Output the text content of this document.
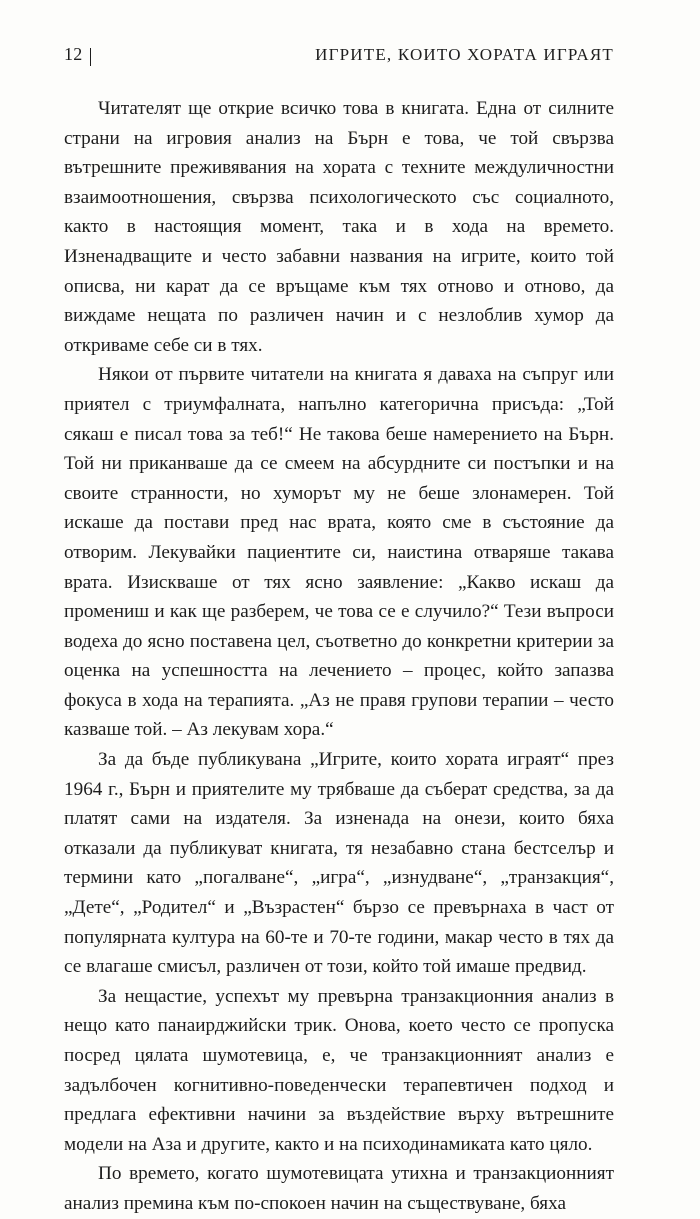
12	ИГРИТЕ, КОИТО ХОРАТА ИГРАЯТ

Читателят ще открие всичко това в книгата. Една от силните страни на игровия анализ на Бърн е това, че той свързва вътрешните преживявания на хората с техните междуличностни взаимоотношения, свързва психологическото със социалното, както в настоящия момент, така и в хода на времето. Изненадващите и често забавни названия на игрите, които той описва, ни карат да се връщаме към тях отново и отново, да виждаме нещата по различен начин и с незлоблив хумор да откриваме себе си в тях.

Някои от първите читатели на книгата я даваха на съпруг или приятел с триумфалната, напълно категорична присъда: „Той сякаш е писал това за теб!“ Не такова беше намерението на Бърн. Той ни приканваше да се смеем на абсурдните си постъпки и на своите странности, но хуморът му не беше злонамерен. Той искаше да постави пред нас врата, която сме в състояние да отворим. Лекувайки пациентите си, наистина отваряше такава врата. Изискваше от тях ясно заявление: „Какво искаш да промениш и как ще разберем, че това се е случило?“ Тези въпроси водеха до ясно поставена цел, съответно до конкретни критерии за оценка на успешността на лечението – процес, който запазва фокуса в хода на терапията. „Аз не правя групови терапии – често казваше той. – Аз лекувам хора.“

За да бъде публикувана „Игрите, които хората играят“ през 1964 г., Бърн и приятелите му трябваше да съберат средства, за да платят сами на издателя. За изненада на онези, които бяха отказали да публикуват книгата, тя незабавно стана бестселър и термини като „погалване“, „игра“, „изнудване“, „транзакция“, „Дете“, „Родител“ и „Възрастен“ бързо се превърнаха в част от популярната култура на 60-те и 70-те години, макар често в тях да се влагаше смисъл, различен от този, който той имаше предвид.

За нещастие, успехът му превърна транзакционния анализ в нещо като панаирджийски трик. Онова, което често се пропуска посред цялата шумотевица, е, че транзакционният анализ е задълбочен когнитивно-поведенчески терапевтичен подход и предлага ефективни начини за въздействие върху вътрешните модели на Аза и другите, както и на психодинамиката като цяло.

По времето, когато шумотевицата утихна и транзакционният анализ премина към по-спокоен начин на съществуване, бяха
